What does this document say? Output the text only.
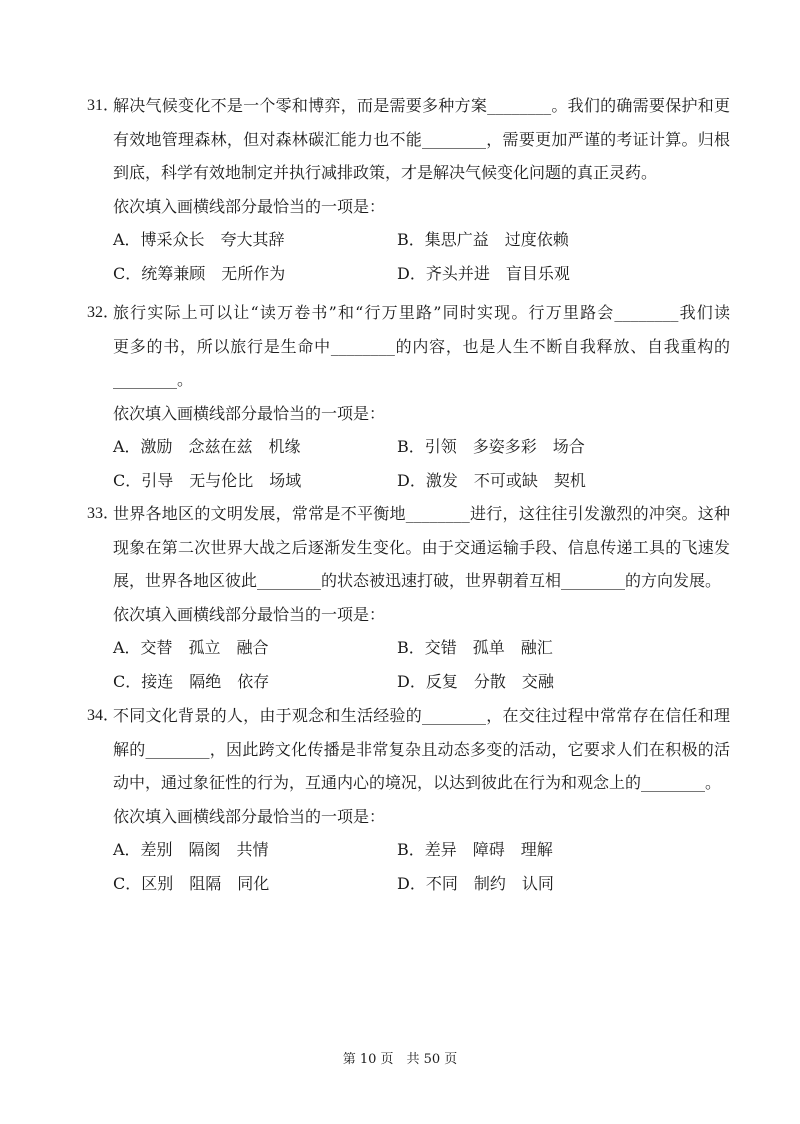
31．
解决气候变化不是一个零和博弈，而是需要多种方案________。我们的确需要保护和更
有效地管理森林，但对森林碳汇能力也不能________，需要更加严谨的考证计算。归根
到底，科学有效地制定并执行减排政策，才是解决气候变化问题的真正灵药。
依次填入画横线部分最恰当的一项是：
A．博采众长　夸大其辞	B．集思广益　过度依赖
C．统筹兼顾　无所作为	D．齐头并进　盲目乐观
32．
旅行实际上可以让“读万卷书”和“行万里路”同时实现。行万里路会________我们读
更多的书，所以旅行是生命中________的内容，也是人生不断自我释放、自我重构的
________。
依次填入画横线部分最恰当的一项是：
A．激励　念兹在兹　机缘	B．引领　多姿多彩　场合
C．引导　无与伦比　场域	D．激发　不可或缺　契机
33．
世界各地区的文明发展，常常是不平衡地________进行，这往往引发激烈的冲突。这种
现象在第二次世界大战之后逐渐发生变化。由于交通运输手段、信息传递工具的飞速发
展，世界各地区彼此________的状态被迅速打破，世界朝着互相________的方向发展。
依次填入画横线部分最恰当的一项是：
A．交替　孤立　融合	B．交错　孤单　融汇
C．接连　隔绝　依存	D．反复　分散　交融
34．
不同文化背景的人，由于观念和生活经验的________，在交往过程中常常存在信任和理
解的________，因此跨文化传播是非常复杂且动态多变的活动，它要求人们在积极的活
动中，通过象征性的行为，互通内心的境况，以达到彼此在行为和观念上的________。
依次填入画横线部分最恰当的一项是：
A．差别　隔阂　共情	B．差异　障碍　理解
C．区别　阻隔　同化	D．不同　制约　认同
第 10 页　共 50 页
